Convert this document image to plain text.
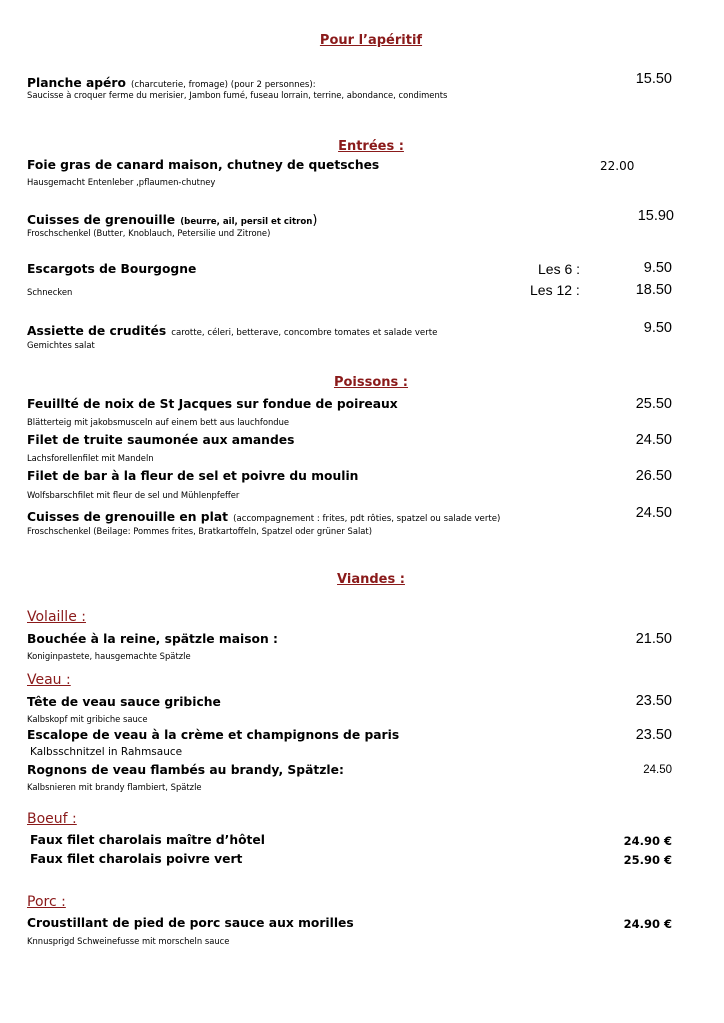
Pour l’apéritif
Planche apéro (charcuterie, fromage) (pour 2 personnes):
Saucisse à croquer ferme du merisier, Jambon fumé, fuseau lorrain, terrine, abondance, condiments
15.50
Entrées :
Foie gras de canard maison, chutney de quetsches
Hausgemacht Entenleber ,pflaumen-chutney
22.00
Cuisses de grenouille (beurre, ail, persil et citron)
Froschschenkel (Butter, Knoblauch, Petersilie und Zitrone)
15.90
Escargots de Bourgogne
Schnecken
Les 6 :	9.50
Les 12 :	18.50
Assiette de crudités carotte, céleri, betterave, concombre tomates et salade verte
Gemichtes salat
9.50
Poissons :
Feuillté de noix de St Jacques sur fondue de poireaux
Blätterteig mit jakobsmusceln auf einem bett aus lauchfondue
25.50
Filet de truite saumonée aux amandes
Lachsforellenfilet mit Mandeln
24.50
Filet de bar à la fleur de sel et poivre du moulin
Wolfsbarschfilet mit fleur de sel und Mühlenpfeffer
26.50
Cuisses de grenouille en plat (accompagnement : frites, pdt rôties, spatzel ou salade verte)
Froschschenkel (Beilage: Pommes frites, Bratkartoffeln, Spatzel oder grüner Salat)
24.50
Viandes :
Volaille :
Bouchée à la reine, spätzle maison :
Koniginpastete, hausgemachte Spätzle
21.50
Veau :
Tête de veau sauce gribiche
Kalbskopf mit gribiche sauce
23.50
Escalope de veau à la crème et champignons de paris
Kalbsschnitzel in Rahmsauce
23.50
Rognons de veau flambés au brandy, Spätzle:
Kalbsnieren mit brandy flambiert, Spätzle
24.50
Boeuf :
Faux filet charolais maître d’hôtel	24.90 €
Faux filet charolais poivre vert	25.90 €
Porc :
Croustillant de pied de porc sauce aux morilles
Knnusprigd Schweinefusse mit morscheln sauce
24.90 €
